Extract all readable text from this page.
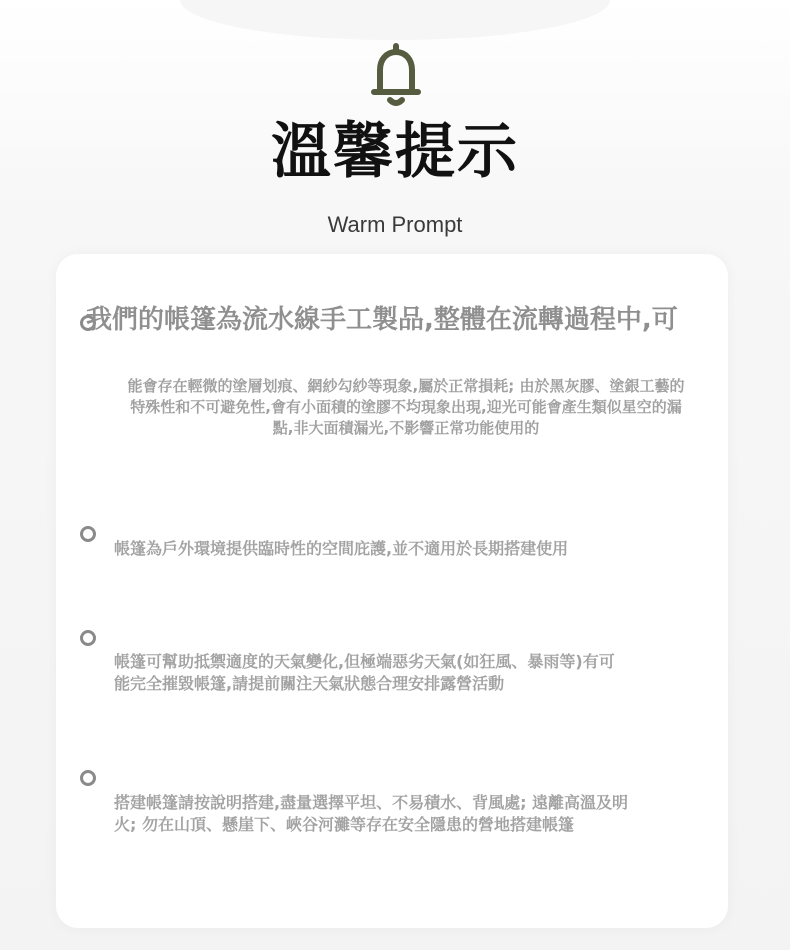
溫馨提示
Warm Prompt
我們的帳篷為流水線手工製品,整體在流轉過程中,可
能會存在輕微的塗層划痕、網紗勾紗等現象,屬於正常損耗; 由於黑灰膠、塗銀工藝的
特殊性和不可避免性,會有小面積的塗膠不均現象出現,迎光可能會產生類似星空的漏
點,非大面積漏光,不影響正常功能使用的
帳篷為戶外環境提供臨時性的空間庇護,並不適用於長期搭建使用
帳篷可幫助抵禦適度的天氣變化,但極端惡劣天氣(如狂風、暴雨等)有可
能完全摧毀帳篷,請提前關注天氣狀態合理安排露營活動
搭建帳篷請按說明搭建,盡量選擇平坦、不易積水、背風處; 遠離高溫及明
火; 勿在山頂、懸崖下、峽谷河灘等存在安全隱患的營地搭建帳篷
